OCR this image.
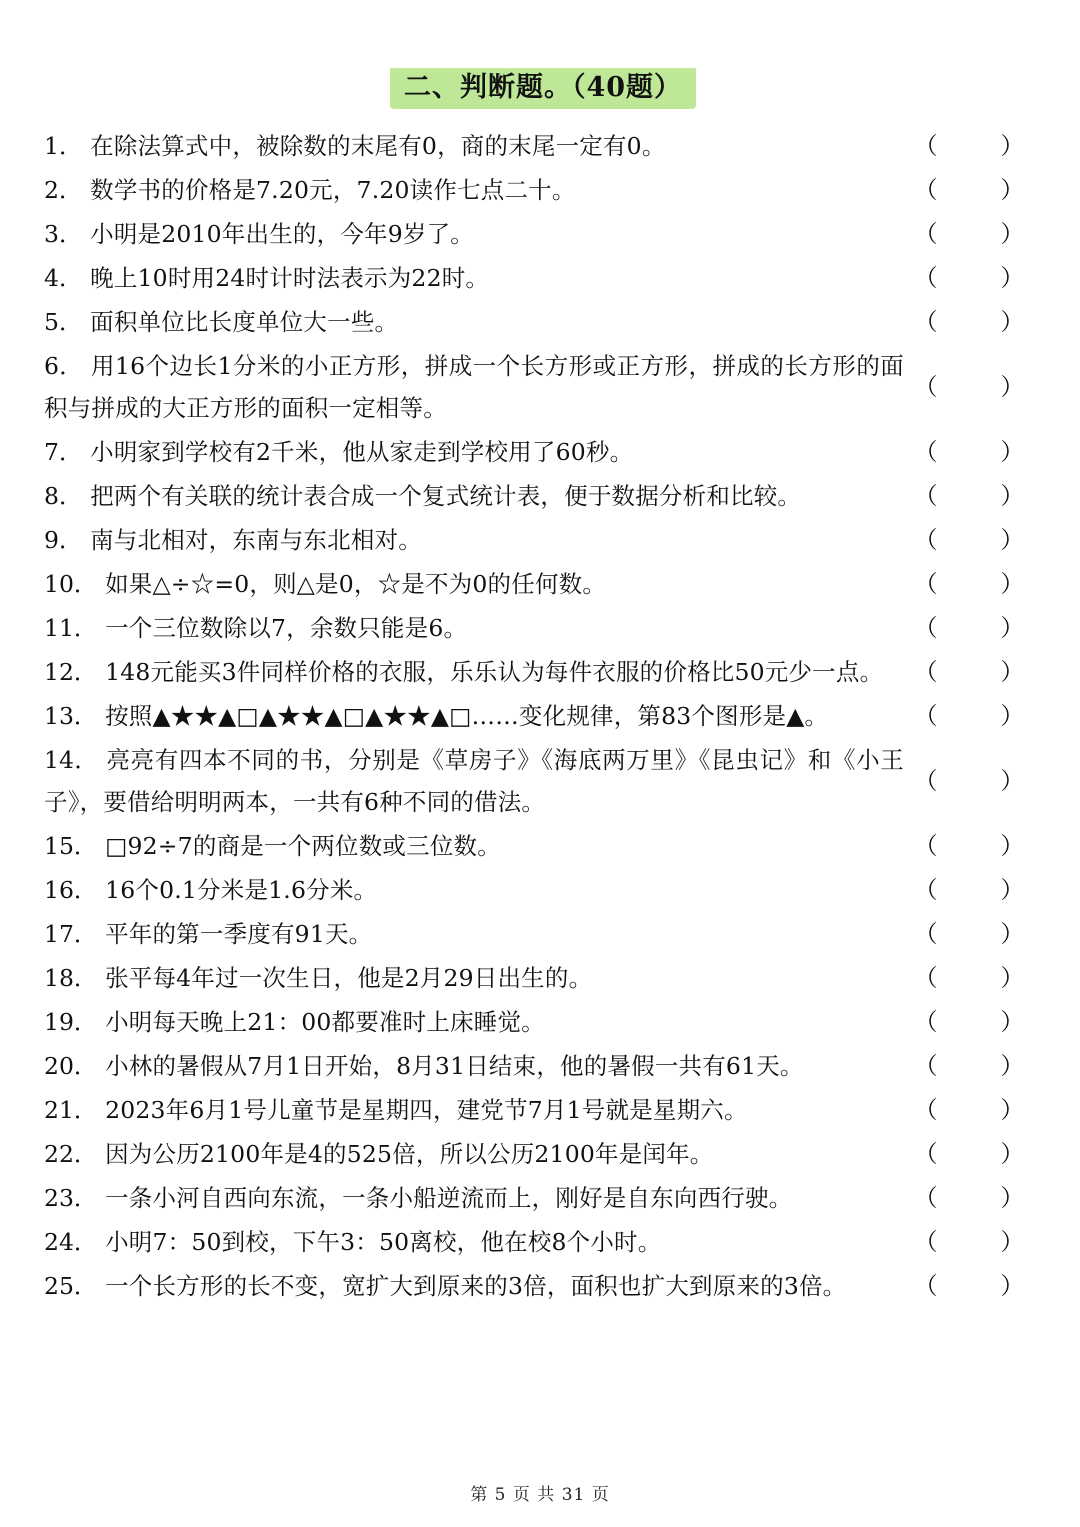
二、判断题。（40题）
1． 在除法算式中，被除数的末尾有0，商的末尾一定有0。	（	）
2． 数学书的价格是7.20元，7.20读作七点二十。	（	）
3． 小明是2010年出生的，今年9岁了。	（	）
4． 晚上10时用24时计时法表示为22时。	（	）
5． 面积单位比长度单位大一些。	（	）
6． 用16个边长1分米的小正方形，拼成一个长方形或正方形，拼成的长方形的面积与拼成的大正方形的面积一定相等。
（	）
7． 小明家到学校有2千米，他从家走到学校用了60秒。	（	）
8． 把两个有关联的统计表合成一个复式统计表，便于数据分析和比较。	（	）
9． 南与北相对，东南与东北相对。	（	）
10． 如果△÷☆=0，则△是0，☆是不为0的任何数。	（	）
11． 一个三位数除以7，余数只能是6。	（	）
12． 148元能买3件同样价格的衣服，乐乐认为每件衣服的价格比50元少一点。	（	）
13． 按照▲★★▲□▲★★▲□▲★★▲□……变化规律，第83个图形是▲。	（	）
14． 亮亮有四本不同的书，分别是《草房子》《海底两万里》《昆虫记》和《小王子》，要借给明明两本，一共有6种不同的借法。
（	）
15． □92÷7的商是一个两位数或三位数。	（	）
16． 16个0.1分米是1.6分米。	（	）
17． 平年的第一季度有91天。	（	）
18． 张平每4年过一次生日，他是2月29日出生的。	（	）
19． 小明每天晚上21：00都要准时上床睡觉。	（	）
20． 小林的暑假从7月1日开始，8月31日结束，他的暑假一共有61天。	（	）
21． 2023年6月1号儿童节是星期四，建党节7月1号就是星期六。	（	）
22． 因为公历2100年是4的525倍，所以公历2100年是闰年。	（	）
23． 一条小河自西向东流，一条小船逆流而上，刚好是自东向西行驶。	（	）
24． 小明7：50到校，下午3：50离校，他在校8个小时。	（	）
25． 一个长方形的长不变，宽扩大到原来的3倍，面积也扩大到原来的3倍。	（	）
第 5 页 共 31 页
